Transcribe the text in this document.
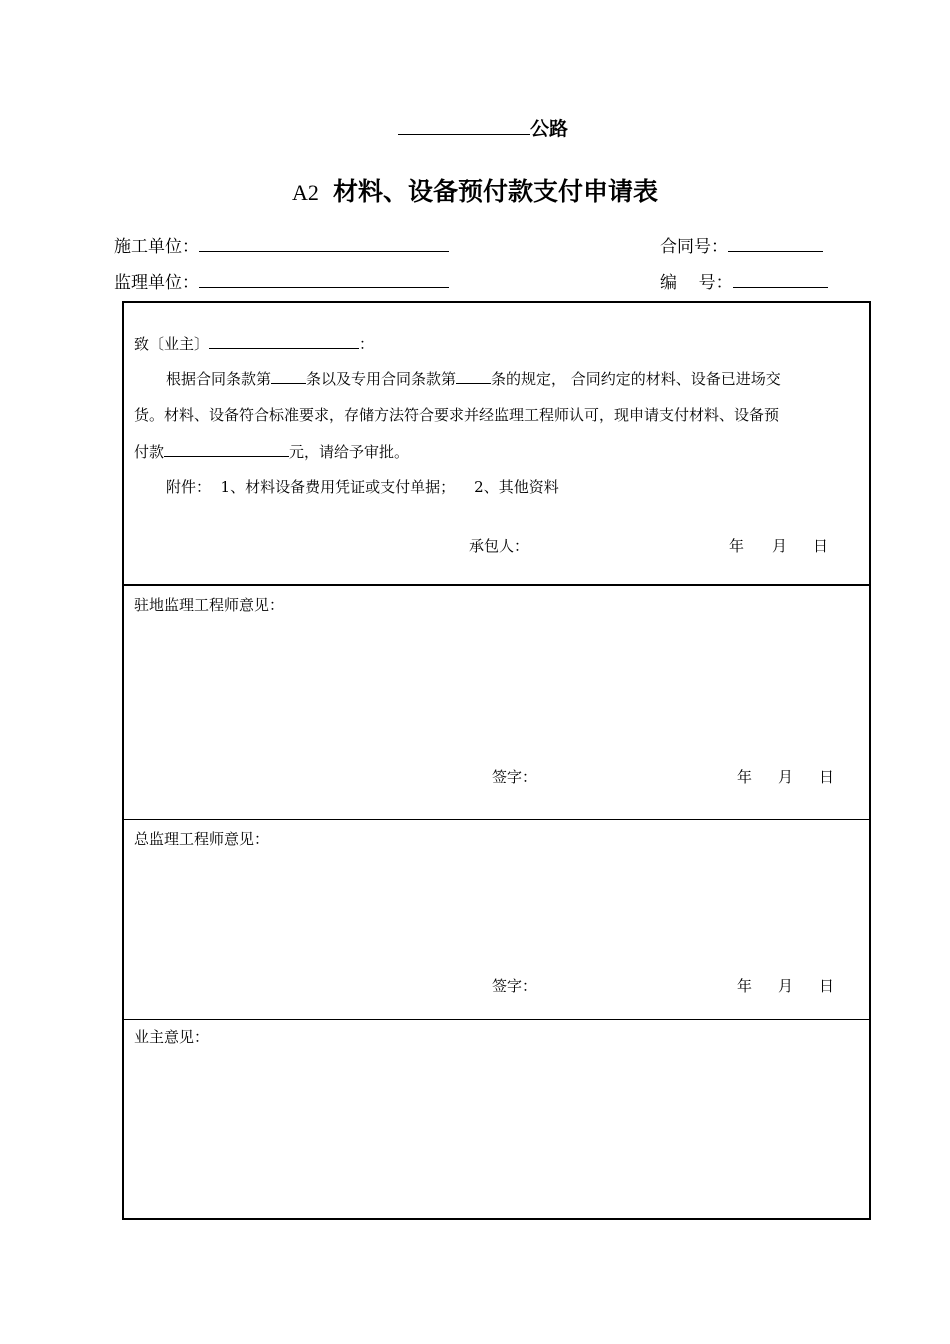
公路
A2 材料、设备预付款支付申请表
施工单位：	合同号：
监理单位：	编    号：
致〔业主〕	：
根据合同条款第 条以及专用合同条款第 条的规定， 合同约定的材料、设备已进场交
货。材料、设备符合标准要求，存储方法符合要求并经监理工程师认可，现申请支付材料、设备预
付款	元，请给予审批。
附件：  1、材料设备费用凭证或支付单据；    2、其他资料
承包人：	年 月 日
驻地监理工程师意见：
签字：	年 月 日
总监理工程师意见：
签字：	年 月 日
业主意见：
